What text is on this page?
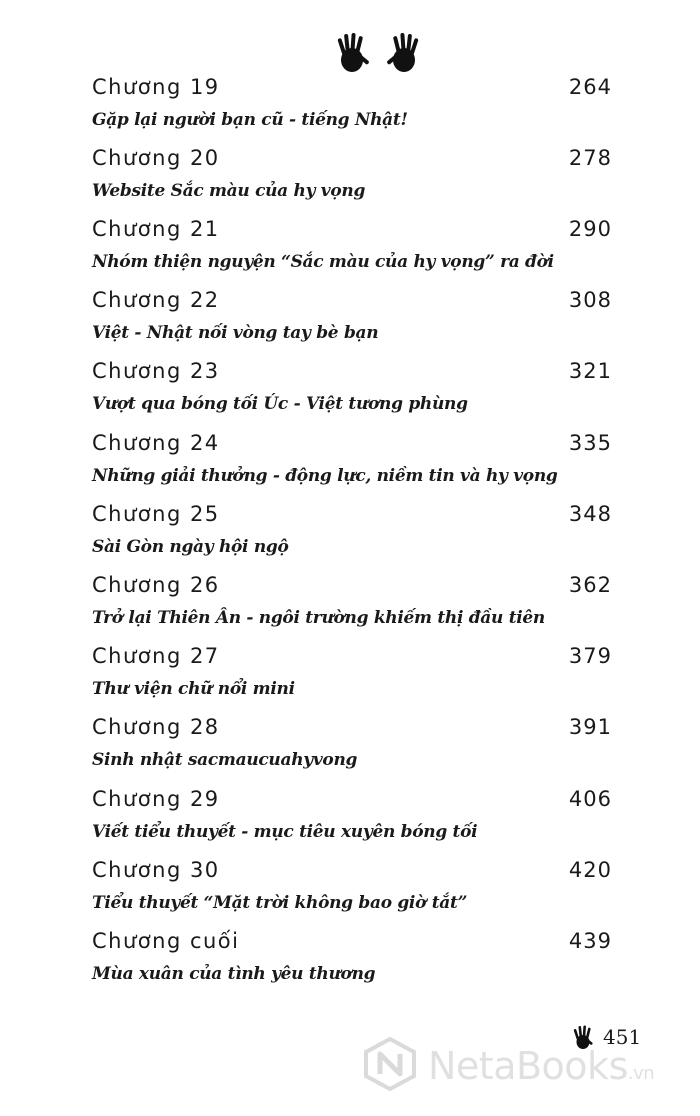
Chương 19	264
Gặp lại người bạn cũ - tiếng Nhật!
Chương 20	278
Website Sắc màu của hy vọng
Chương 21	290
Nhóm thiện nguyện “Sắc màu của hy vọng” ra đời
Chương 22	308
Việt - Nhật nối vòng tay bè bạn
Chương 23	321
Vượt qua bóng tối Úc - Việt tương phùng
Chương 24	335
Những giải thưởng - động lực, niềm tin và hy vọng
Chương 25	348
Sài Gòn ngày hội ngộ
Chương 26	362
Trở lại Thiên Ân - ngôi trường khiếm thị đầu tiên
Chương 27	379
Thư viện chữ nổi mini
Chương 28	391
Sinh nhật sacmaucuahyvong
Chương 29	406
Viết tiểu thuyết - mục tiêu xuyên bóng tối
Chương 30	420
Tiểu thuyết “Mặt trời không bao giờ tắt”
Chương cuối	439
Mùa xuân của tình yêu thương
451
NetaBooks.vn
